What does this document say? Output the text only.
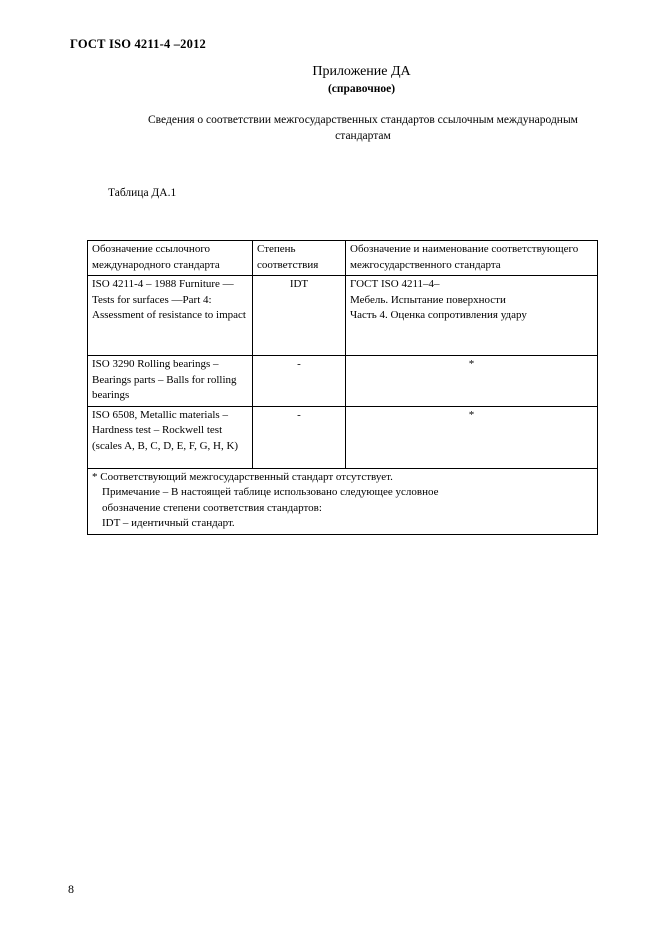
ГОСТ ISO 4211-4 –2012
Приложение ДА
(справочное)
Сведения о соответствии межгосударственных стандартов ссылочным международным
стандартам
Таблица ДА.1
Обозначение ссылочного международного стандарта	Степень соответствия	Обозначение и наименование соответствующего межгосударственного стандарта
ISO 4211-4 – 1988 Furniture — Tests for surfaces —Part 4: Assessment of resistance to impact	IDT	ГОСТ ISO 4211–4–
Мебель. Испытание поверхности
Часть 4. Оценка сопротивления удару

ISO 3290 Rolling bearings – Bearings parts – Balls for rolling bearings	-	*
ISO 6508, Metallic materials – Hardness test – Rockwell test (scales A, B, C, D, E, F, G, H, K)	-	*

* Соответствующий межгосударственный стандарт отсутствует.
Примечание – В настоящей таблице использовано следующее условное
обозначение степени соответствия стандартов:
IDT – идентичный стандарт.		
8
